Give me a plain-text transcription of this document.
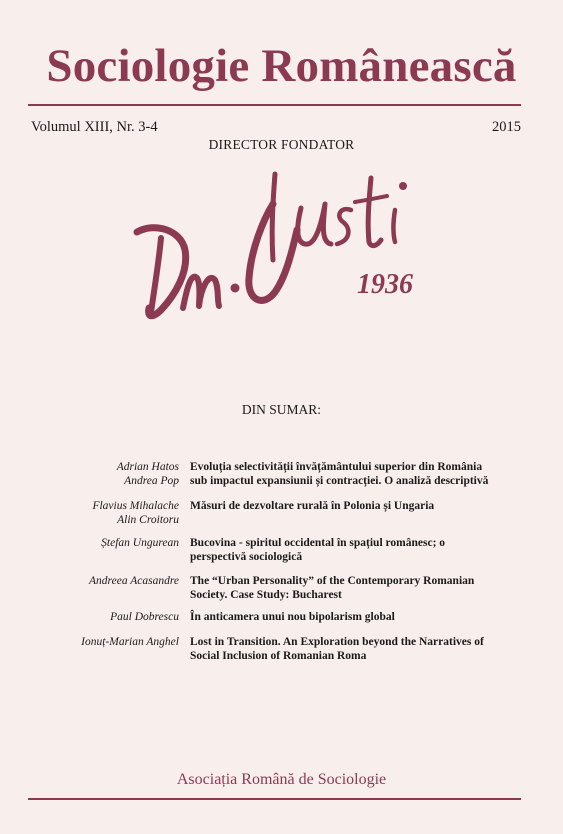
Sociologie Românească
Volumul XIII, Nr. 3-4	2015
DIRECTOR FONDATOR
1936
DIN SUMAR:
Adrian Hatos
Andrea Pop
Evoluția selectivității învățământului superior din România sub impactul expansiunii și contracției. O analiză descriptivă
Flavius Mihalache
Alin Croitoru
Măsuri de dezvoltare rurală în Polonia și Ungaria
Ștefan Ungurean Bucovina - spiritul occidental în spațiul românesc; o perspectivă sociologică
Andreea Acasandre The “Urban Personality” of the Contemporary Romanian Society. Case Study: Bucharest
Paul Dobrescu În anticamera unui nou bipolarism global
Ionuț-Marian Anghel Lost in Transition. An Exploration beyond the Narratives of Social Inclusion of Romanian Roma
Asociația Română de Sociologie
